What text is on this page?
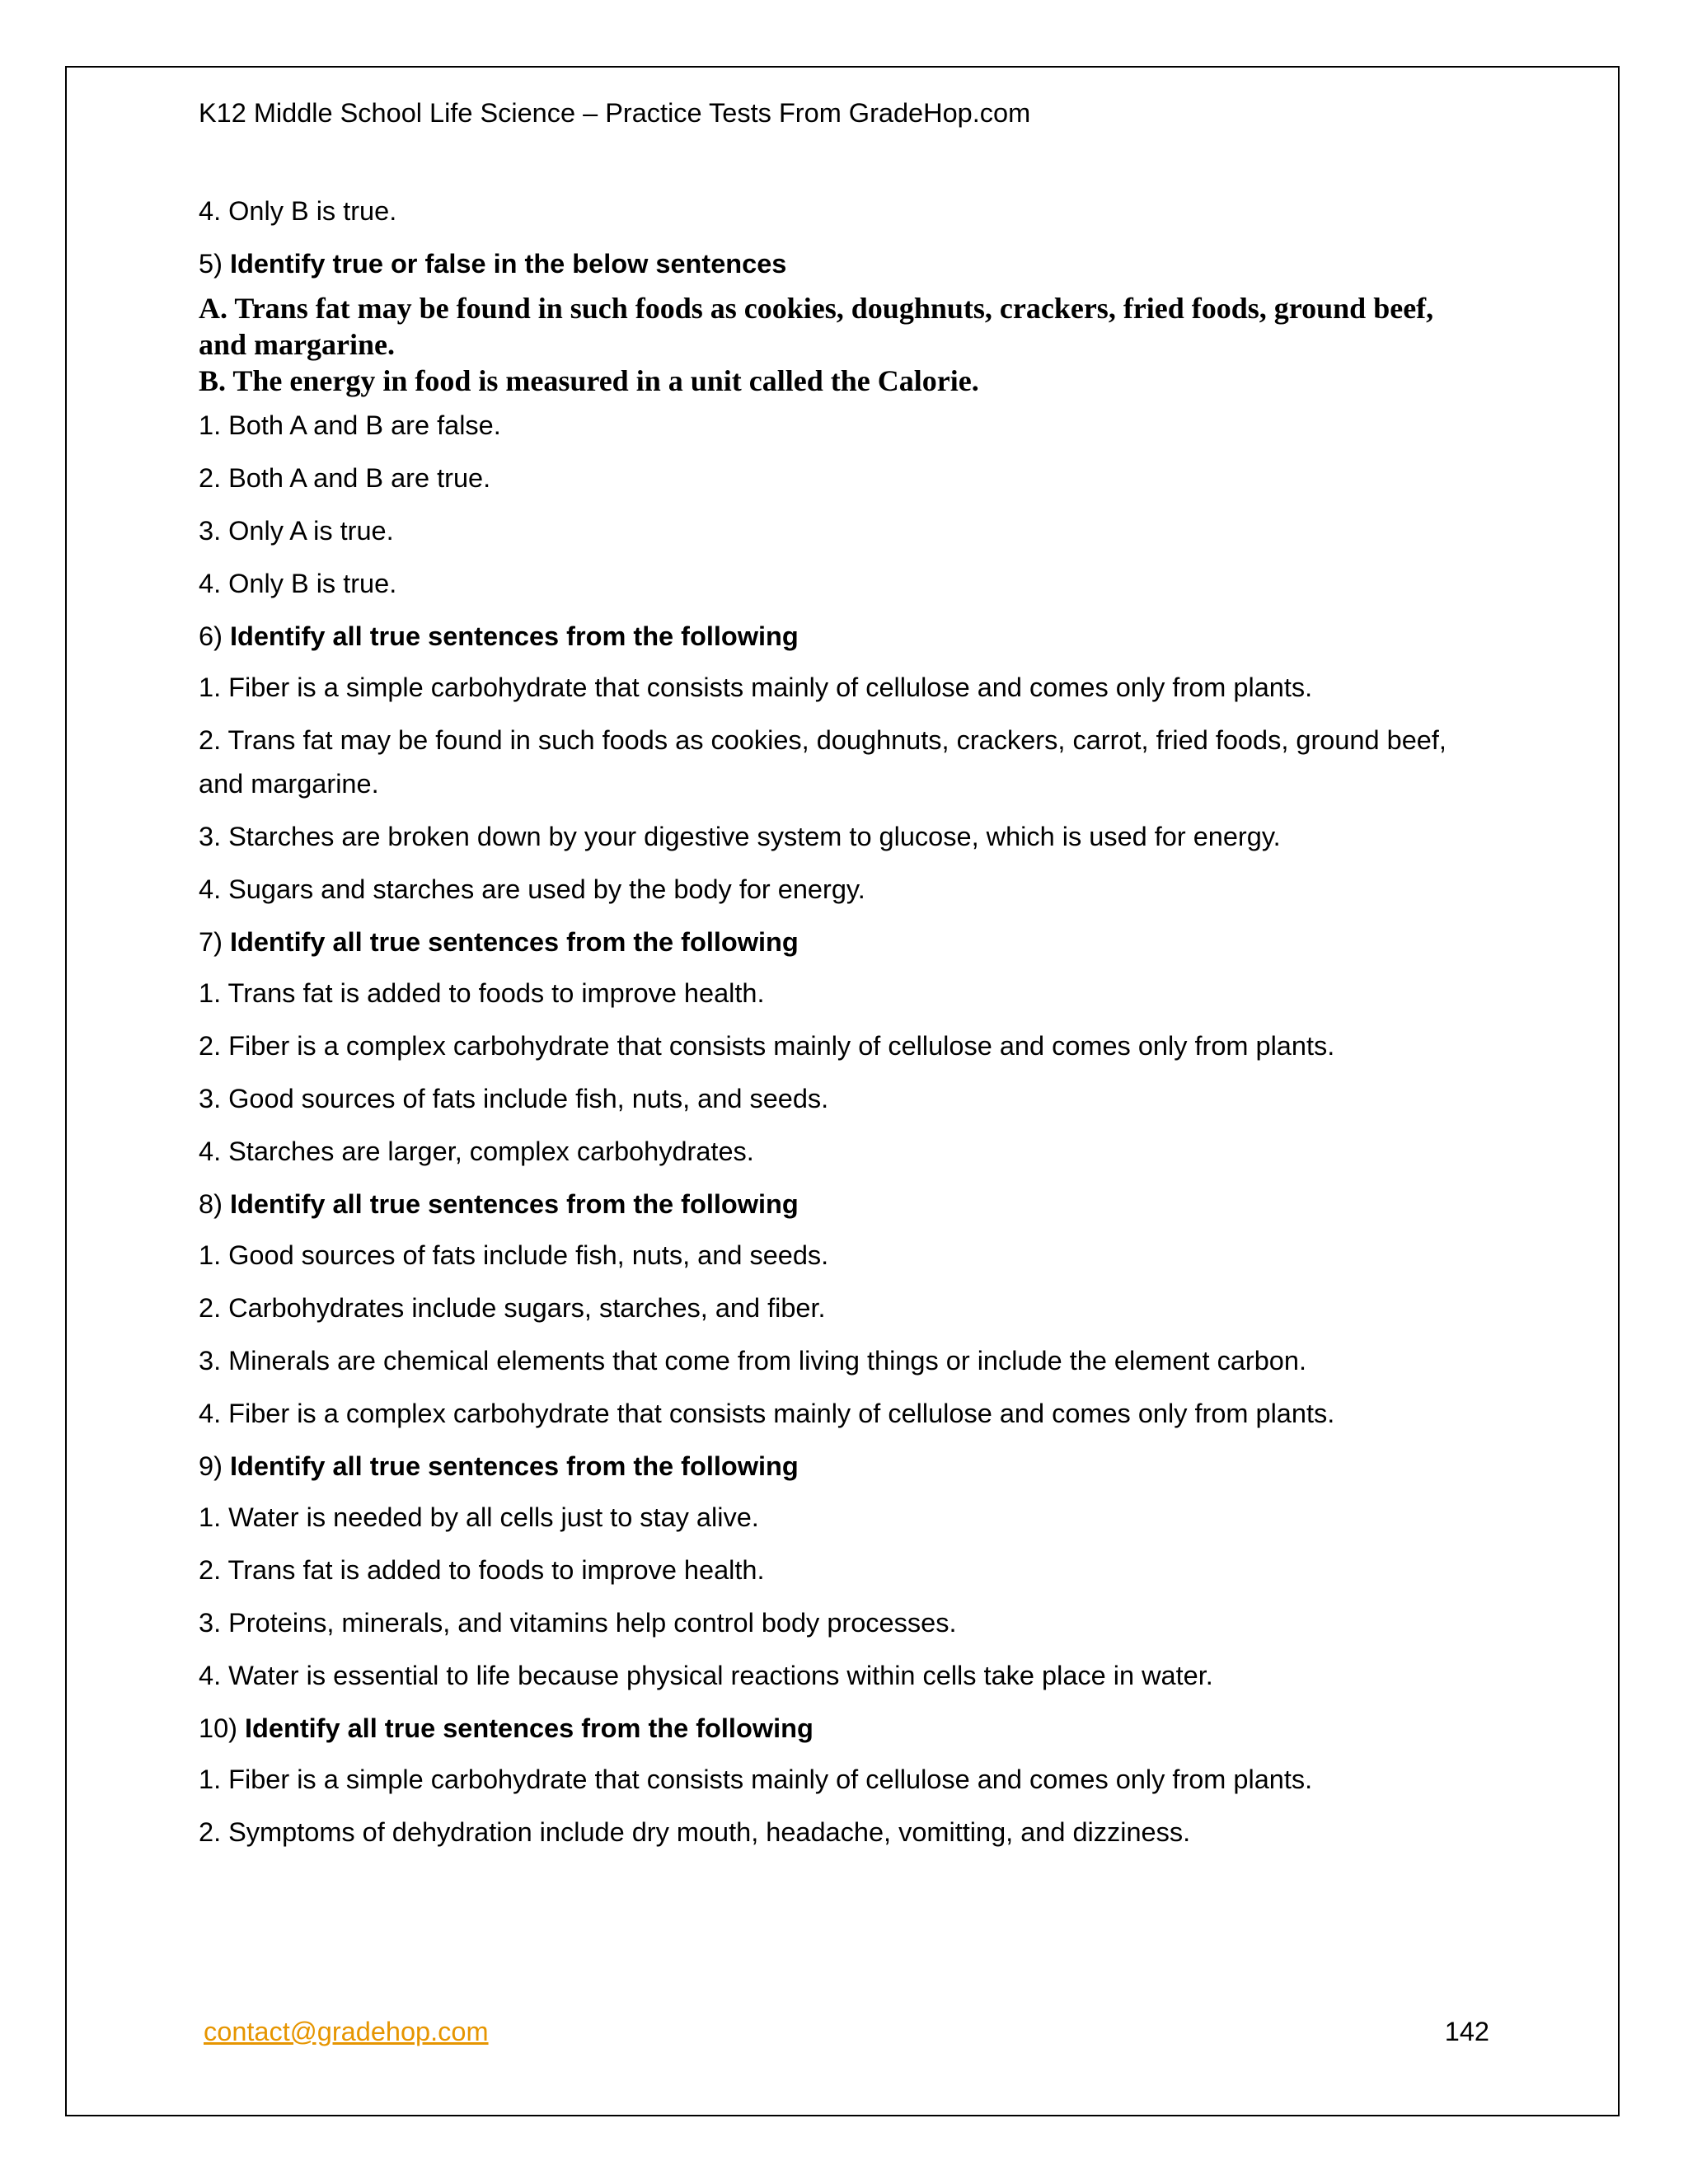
K12 Middle School Life Science – Practice Tests From GradeHop.com
4. Only B is true.
5) Identify true or false in the below sentences
A. Trans fat may be found in such foods as cookies, doughnuts, crackers, fried foods, ground beef,
and margarine.
B. The energy in food is measured in a unit called the Calorie.
1. Both A and B are false.
2. Both A and B are true.
3. Only A is true.
4. Only B is true.
6) Identify all true sentences from the following
1. Fiber is a simple carbohydrate that consists mainly of cellulose and comes only from plants.
2. Trans fat may be found in such foods as cookies, doughnuts, crackers, carrot, fried foods, ground beef,
and margarine.
3. Starches are broken down by your digestive system to glucose, which is used for energy.
4. Sugars and starches are used by the body for energy.
7) Identify all true sentences from the following
1. Trans fat is added to foods to improve health.
2. Fiber is a complex carbohydrate that consists mainly of cellulose and comes only from plants.
3. Good sources of fats include fish, nuts, and seeds.
4. Starches are larger, complex carbohydrates.
8) Identify all true sentences from the following
1. Good sources of fats include fish, nuts, and seeds.
2. Carbohydrates include sugars, starches, and fiber.
3. Minerals are chemical elements that come from living things or include the element carbon.
4. Fiber is a complex carbohydrate that consists mainly of cellulose and comes only from plants.
9) Identify all true sentences from the following
1. Water is needed by all cells just to stay alive.
2. Trans fat is added to foods to improve health.
3. Proteins, minerals, and vitamins help control body processes.
4. Water is essential to life because physical reactions within cells take place in water.
10) Identify all true sentences from the following
1. Fiber is a simple carbohydrate that consists mainly of cellulose and comes only from plants.
2. Symptoms of dehydration include dry mouth, headache, vomitting, and dizziness.
contact@gradehop.com	142
